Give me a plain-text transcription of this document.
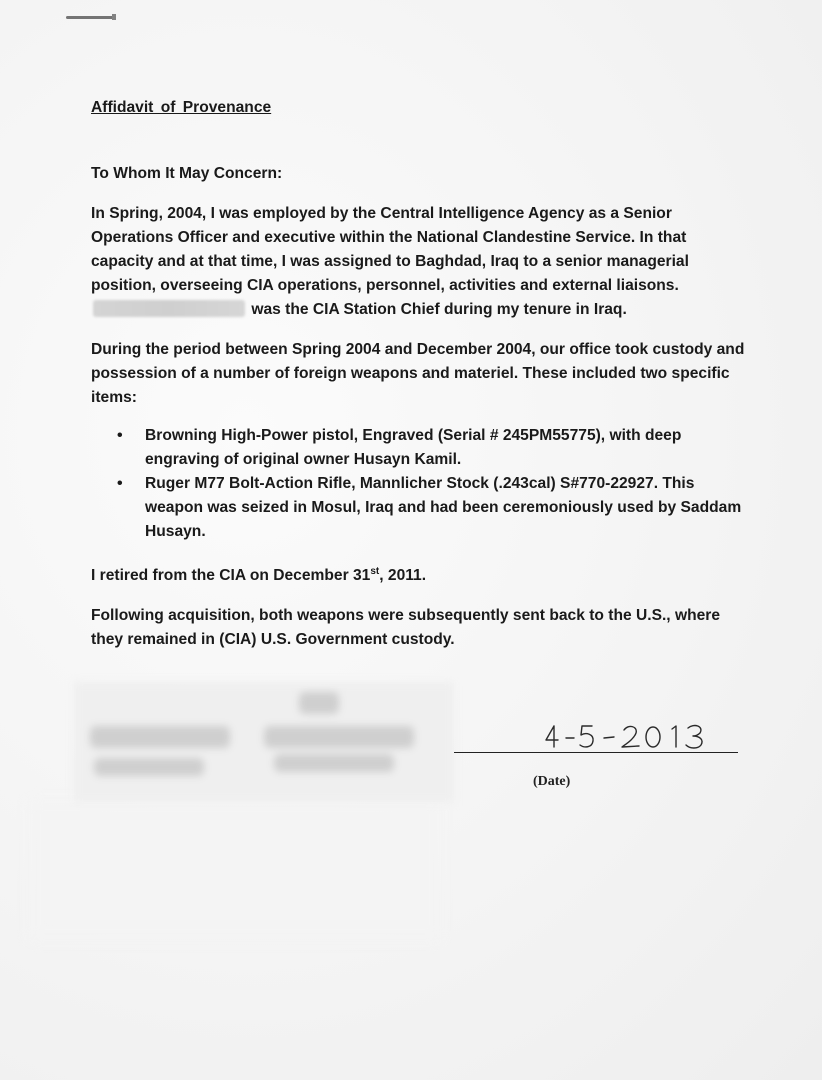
Affidavit of Provenance

To Whom It May Concern:

In Spring, 2004, I was employed by the Central Intelligence Agency as a Senior Operations Officer and executive within the National Clandestine Service. In that capacity and at that time, I was assigned to Baghdad, Iraq to a senior managerial position, overseeing CIA operations, personnel, activities and external liaisons.  was the CIA Station Chief during my tenure in Iraq.

During the period between Spring 2004 and December 2004, our office took custody and possession of a number of foreign weapons and materiel. These included two specific items:

• Browning High-Power pistol, Engraved (Serial # 245PM55775), with deep engraving of original owner Husayn Kamil.
• Ruger M77 Bolt-Action Rifle, Mannlicher Stock (.243cal) S#770-22927. This weapon was seized in Mosul, Iraq and had been ceremoniously used by Saddam Husayn.

I retired from the CIA on December 31st, 2011.

Following acquisition, both weapons were subsequently sent back to the U.S., where they remained in (CIA) U.S. Government custody.

(Date)
